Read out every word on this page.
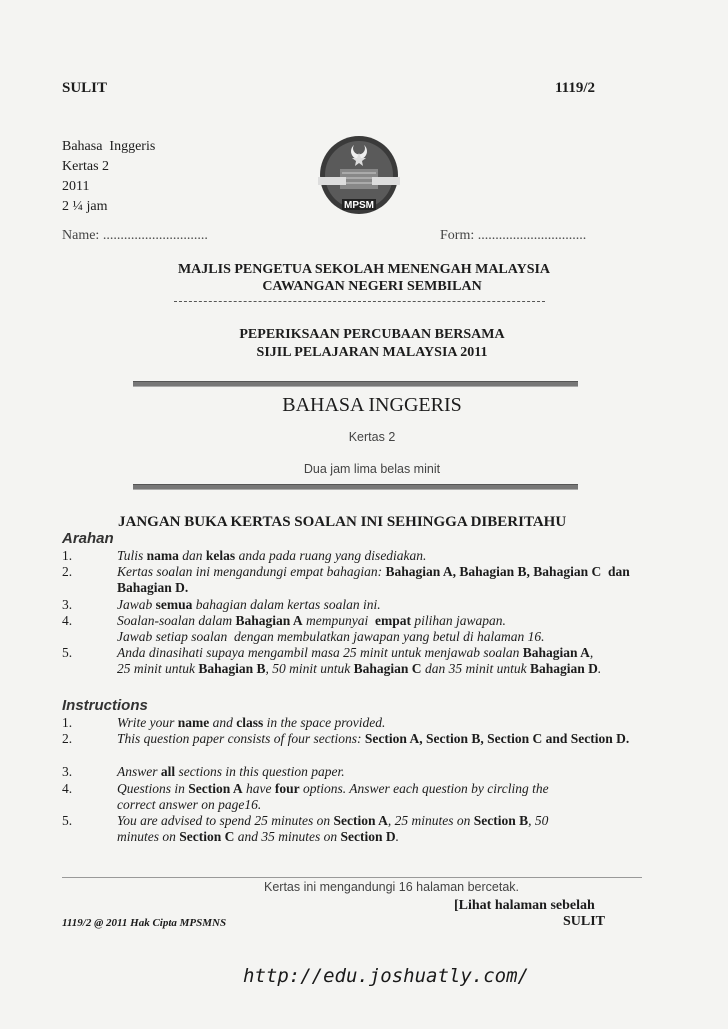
SULIT	1119/2
Bahasa  Inggeris
Kertas 2
2011
2 ¼ jam	MPSM
Name: ..............................	Form: ...............................
MAJLIS PENGETUA SEKOLAH MENENGAH MALAYSIA
CAWANGAN NEGERI SEMBILAN
PEPERIKSAAN PERCUBAAN BERSAMA
SIJIL PELAJARAN MALAYSIA 2011
BAHASA INGGERIS
Kertas 2
Dua jam lima belas minit
JANGAN BUKA KERTAS SOALAN INI SEHINGGA DIBERITAHU
Arahan
1.	Tulis nama dan kelas anda pada ruang yang disediakan.
2.	Kertas soalan ini mengandungi empat bahagian: Bahagian A, Bahagian B, Bahagian C  dan Bahagian D.
3.	Jawab semua bahagian dalam kertas soalan ini.
4.	Soalan-soalan dalam Bahagian A mempunyai  empat pilihan jawapan.
Jawab setiap soalan  dengan membulatkan jawapan yang betul di halaman 16.
5.	Anda dinasihati supaya mengambil masa 25 minit untuk menjawab soalan Bahagian A,
25 minit untuk Bahagian B, 50 minit untuk Bahagian C dan 35 minit untuk Bahagian D.
Instructions
1.	Write your name and class in the space provided.
2.	This question paper consists of four sections: Section A, Section B, Section C and Section D.
3.	Answer all sections in this question paper.
4.	Questions in Section A have four options. Answer each question by circling the
correct answer on page16.
5.	You are advised to spend 25 minutes on Section A, 25 minutes on Section B, 50
minutes on Section C and 35 minutes on Section D.
Kertas ini mengandungi 16 halaman bercetak.
[Lihat halaman sebelah
SULIT
1119/2 @ 2011 Hak Cipta MPSMNS
http://edu.joshuatly.com/
